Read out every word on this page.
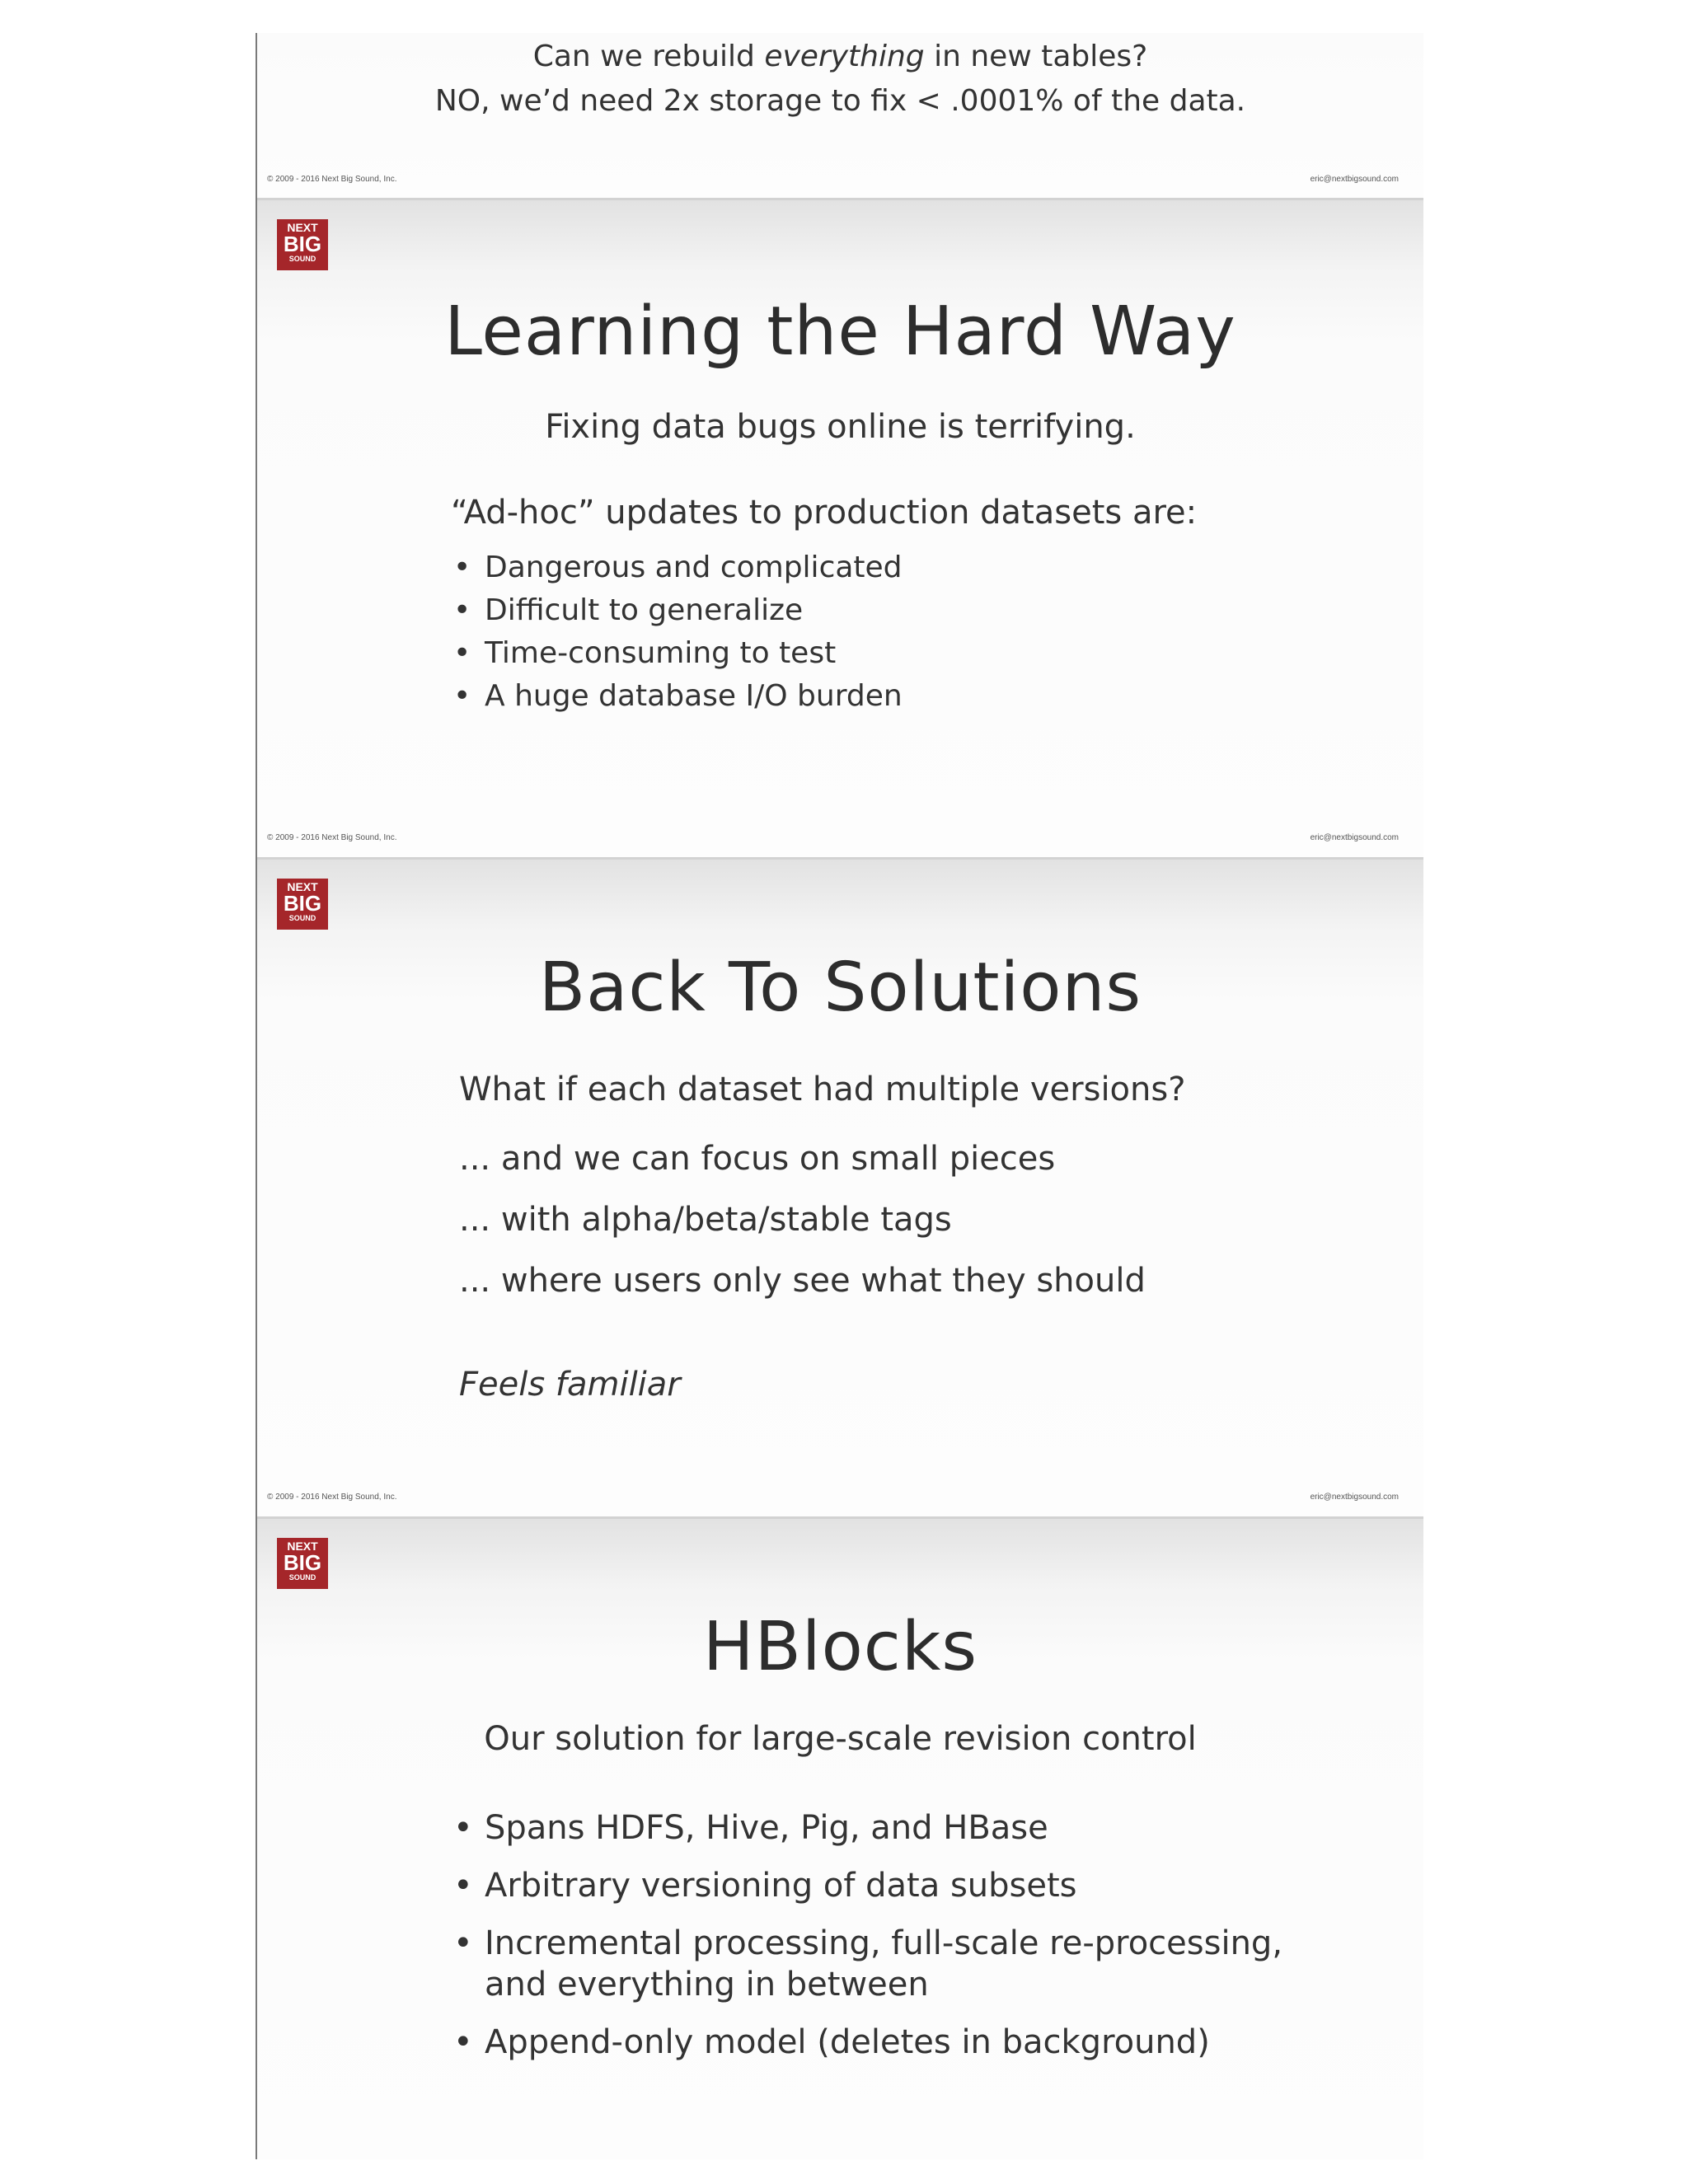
Can we rebuild everything in new tables?
NO, we’d need 2x storage to fix < .0001% of the data.
© 2009 - 2016 Next Big Sound, Inc.	eric@nextbigsound.com
NEXT
BIG
SOUND
Learning the Hard Way
Fixing data bugs online is terrifying.
“Ad-hoc” updates to production datasets are:
• Dangerous and complicated
• Difficult to generalize
• Time-consuming to test
• A huge database I/O burden
© 2009 - 2016 Next Big Sound, Inc.	eric@nextbigsound.com
NEXT
BIG
SOUND
Back To Solutions
What if each dataset had multiple versions?
... and we can focus on small pieces
... with alpha/beta/stable tags
... where users only see what they should
Feels familiar
© 2009 - 2016 Next Big Sound, Inc.	eric@nextbigsound.com
NEXT
BIG
SOUND
HBlocks
Our solution for large-scale revision control
• Spans HDFS, Hive, Pig, and HBase
• Arbitrary versioning of data subsets
• Incremental processing, full-scale re-processing,
and everything in between
• Append-only model (deletes in background)
